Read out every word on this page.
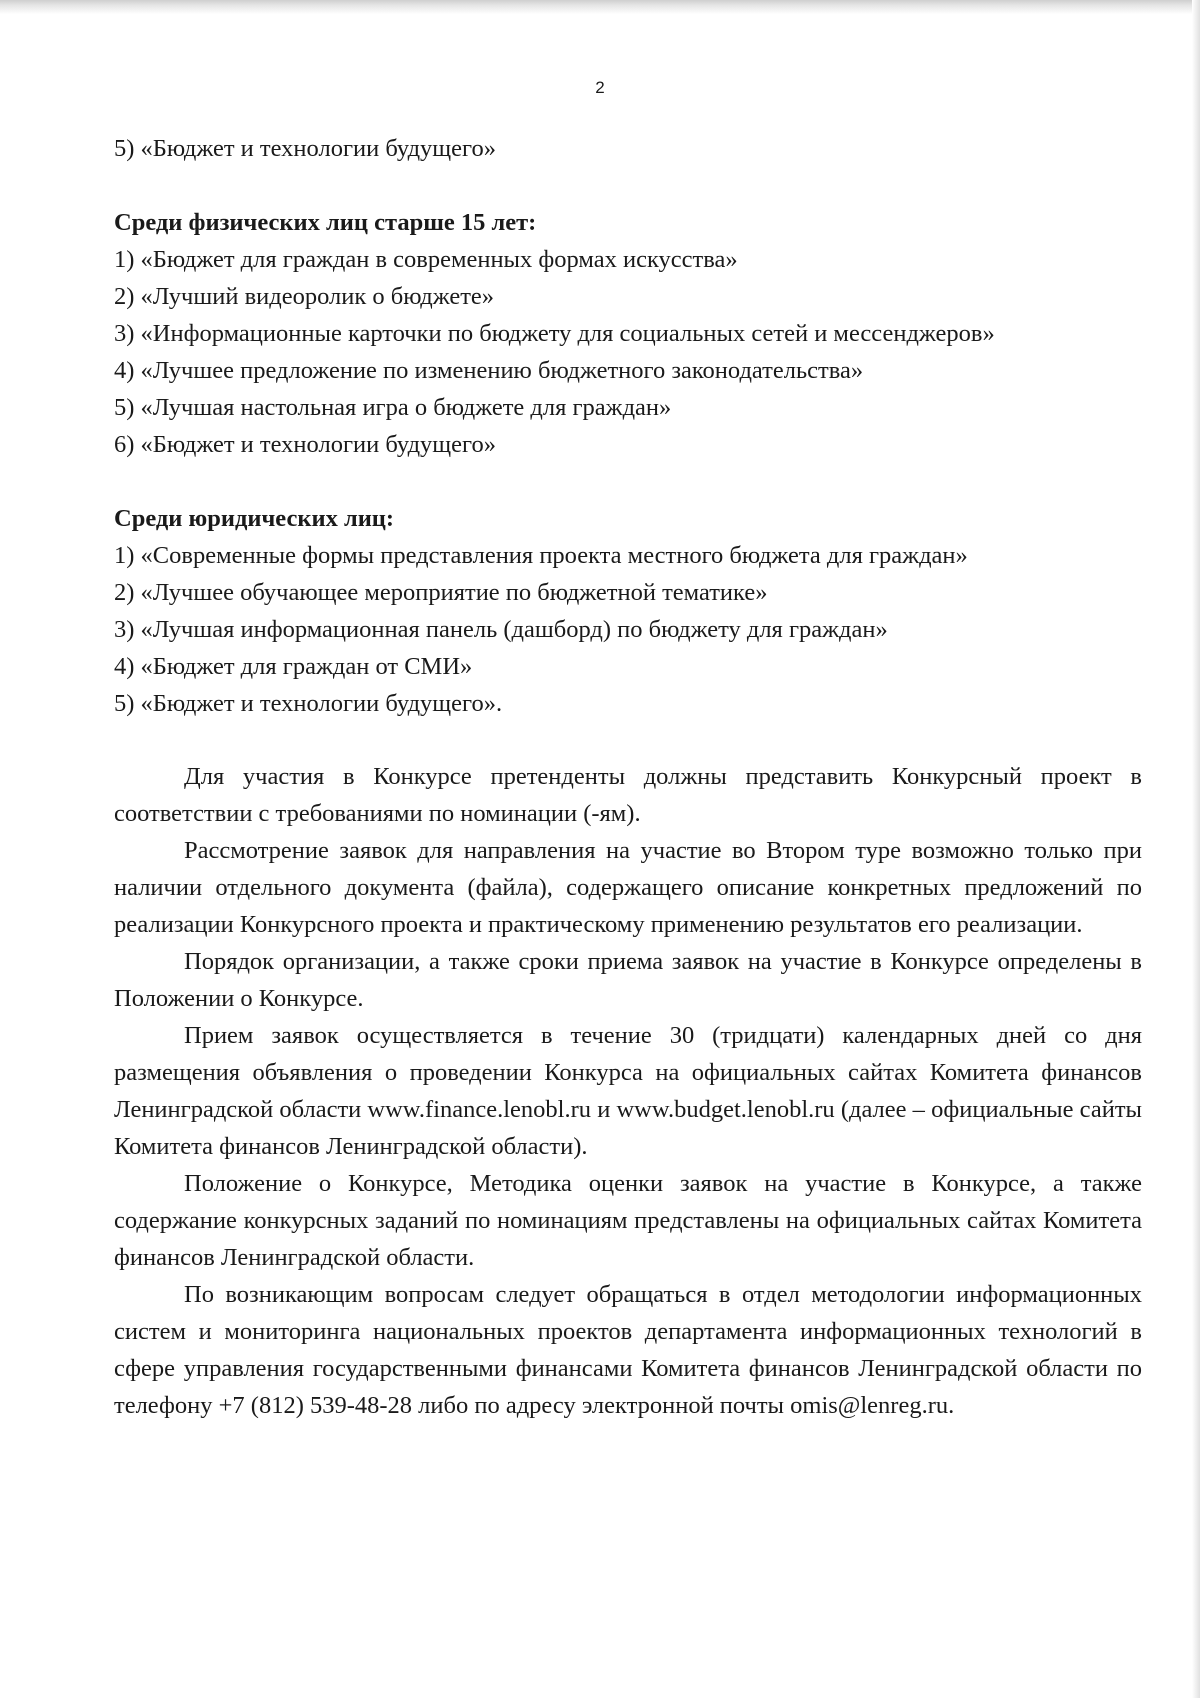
2
5) «Бюджет и технологии будущего»
Среди физических лиц старше 15 лет:
1) «Бюджет для граждан в современных формах искусства»
2) «Лучший видеоролик о бюджете»
3) «Информационные карточки по бюджету для социальных сетей и мессенджеров»
4) «Лучшее предложение по изменению бюджетного законодательства»
5) «Лучшая настольная игра о бюджете для граждан»
6) «Бюджет и технологии будущего»
Среди юридических лиц:
1) «Современные формы представления проекта местного бюджета для граждан»
2) «Лучшее обучающее мероприятие по бюджетной тематике»
3) «Лучшая информационная панель (дашборд) по бюджету для граждан»
4) «Бюджет для граждан от СМИ»
5) «Бюджет и технологии будущего».

Для участия в Конкурсе претенденты должны представить Конкурсный проект в соответствии с требованиями по номинации (-ям).

Рассмотрение заявок для направления на участие во Втором туре возможно только при наличии отдельного документа (файла), содержащего описание конкретных предложений по реализации Конкурсного проекта и практическому применению результатов его реализации.

Порядок организации, а также сроки приема заявок на участие в Конкурсе определены в Положении о Конкурсе.

Прием заявок осуществляется в течение 30 (тридцати) календарных дней со дня размещения объявления о проведении Конкурса на официальных сайтах Комитета финансов Ленинградской области www.finance.lenobl.ru и www.budget.lenobl.ru (далее – официальные сайты Комитета финансов Ленинградской области).

Положение о Конкурсе, Методика оценки заявок на участие в Конкурсе, а также содержание конкурсных заданий по номинациям представлены на официальных сайтах Комитета финансов Ленинградской области.

По возникающим вопросам следует обращаться в отдел методологии информационных систем и мониторинга национальных проектов департамента информационных технологий в сфере управления государственными финансами Комитета финансов Ленинградской области по телефону +7 (812) 539-48-28 либо по адресу электронной почты omis@lenreg.ru.
